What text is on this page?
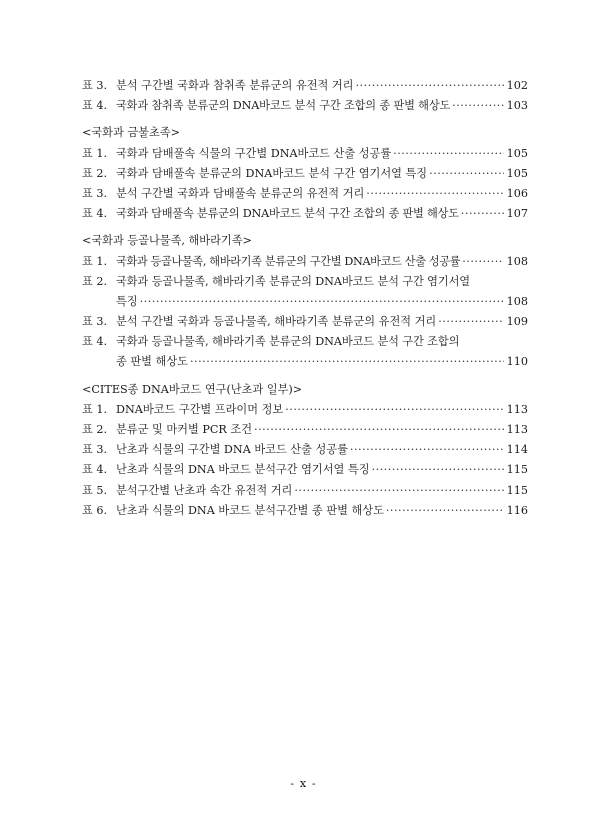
표 3. 분석 구간별 국화과 참취족 분류군의 유전적 거리 ·····	102
표 4. 국화과 참취족 분류군의 DNA바코드 분석 구간 조합의 종 판별 해상도 ·····	103
<국화과 금불초족>
표 1. 국화과 담배풀속 식물의 구간별 DNA바코드 산출 성공률 ·····	105
표 2. 국화과 담배풀속 분류군의 DNA바코드 분석 구간 염기서열 특징 ·····	105
표 3. 분석 구간별 국화과 담배풀속 분류군의 유전적 거리 ·····	106
표 4. 국화과 담배풀속 분류군의 DNA바코드 분석 구간 조합의 종 판별 해상도 ·····	107
<국화과 등골나물족, 해바라기족>
표 1. 국화과 등골나물족, 해바라기족 분류군의 구간별 DNA바코드 산출 성공률 ·····	108
표 2. 국화과 등골나물족, 해바라기족 분류군의 DNA바코드 분석 구간 염기서열
특징 ·····	108
표 3. 분석 구간별 국화과 등골나물족, 해바라기족 분류군의 유전적 거리 ·····	109
표 4. 국화과 등골나물족, 해바라기족 분류군의 DNA바코드 분석 구간 조합의
종 판별 해상도 ·····	110
<CITES종 DNA바코드 연구(난초과 일부)>
표 1. DNA바코드 구간별 프라이머 정보 ·····	113
표 2. 분류군 및 마커별 PCR 조건 ·····	113
표 3. 난초과 식물의 구간별 DNA 바코드 산출 성공률 ·····	114
표 4. 난초과 식물의 DNA 바코드 분석구간 염기서열 특징 ·····	115
표 5. 분석구간별 난초과 속간 유전적 거리 ·····	115
표 6. 난초과 식물의 DNA 바코드 분석구간별 종 판별 해상도 ·····	116
- x -
